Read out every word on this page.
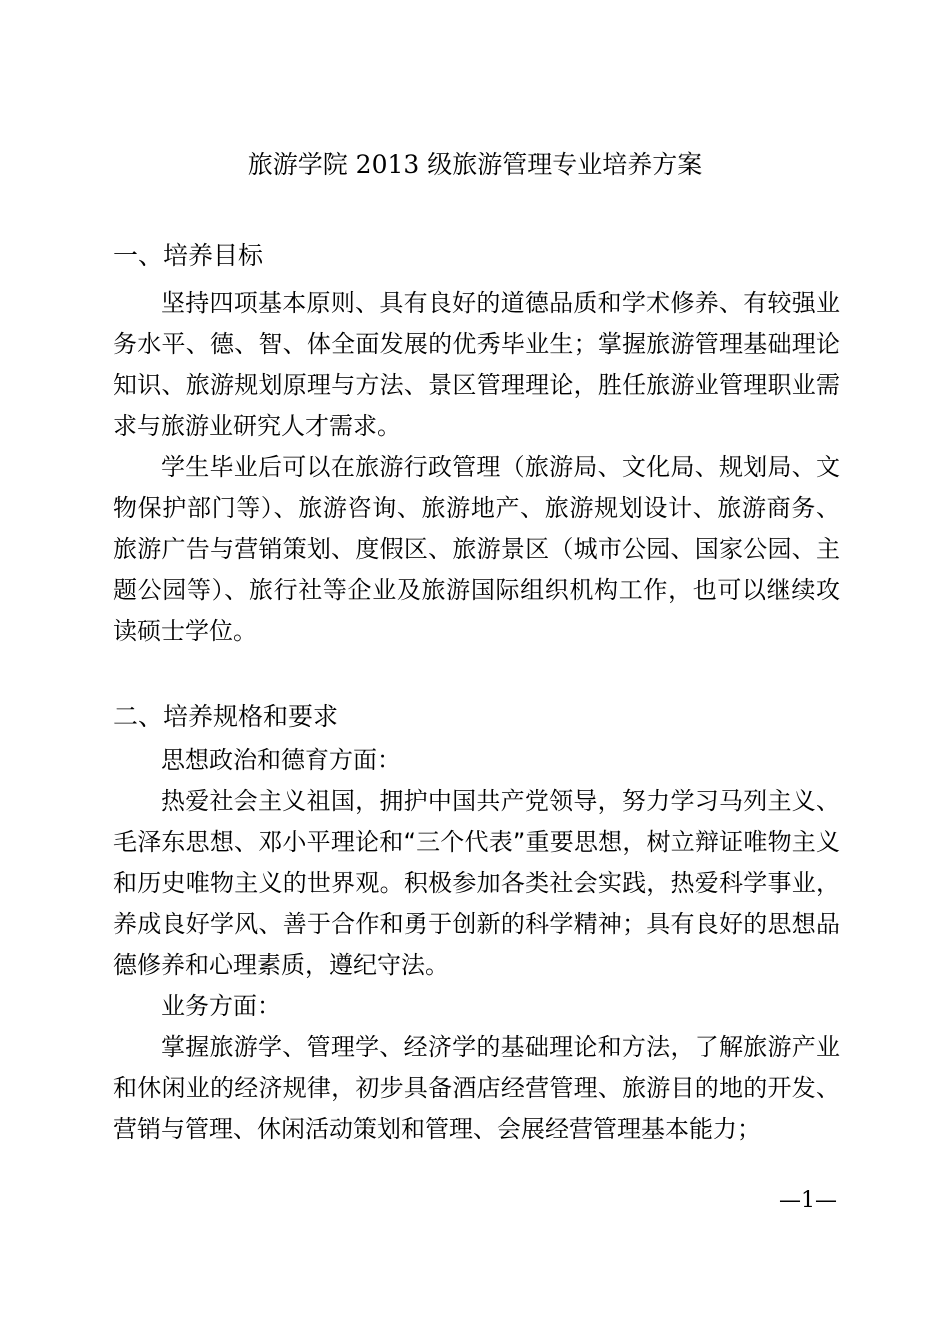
旅游学院 2013 级旅游管理专业培养方案
一、培养目标

坚持四项基本原则、具有良好的道德品质和学术修养、有较强业务水平、德、智、体全面发展的优秀毕业生；掌握旅游管理基础理论知识、旅游规划原理与方法、景区管理理论，胜任旅游业管理职业需求与旅游业研究人才需求。

学生毕业后可以在旅游行政管理（旅游局、文化局、规划局、文物保护部门等）、旅游咨询、旅游地产、旅游规划设计、旅游商务、旅游广告与营销策划、度假区、旅游景区（城市公园、国家公园、主题公园等）、旅行社等企业及旅游国际组织机构工作，也可以继续攻读硕士学位。

二、培养规格和要求
思想政治和德育方面：

热爱社会主义祖国，拥护中国共产党领导，努力学习马列主义、毛泽东思想、邓小平理论和“三个代表”重要思想，树立辩证唯物主义和历史唯物主义的世界观。积极参加各类社会实践，热爱科学事业，养成良好学风、善于合作和勇于创新的科学精神；具有良好的思想品德修养和心理素质，遵纪守法。

业务方面：

掌握旅游学、管理学、经济学的基础理论和方法，了解旅游产业和休闲业的经济规律，初步具备酒店经营管理、旅游目的地的开发、营销与管理、休闲活动策划和管理、会展经营管理基本能力；

—1—
